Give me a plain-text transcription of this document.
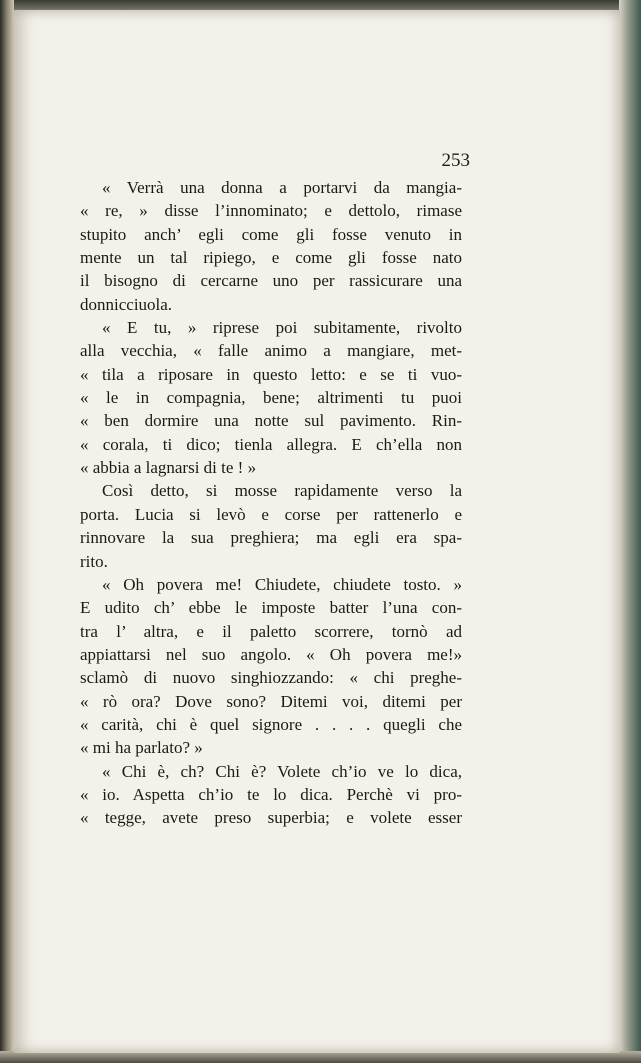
253
« Verrà una donna a portarvi da mangia-
« re, » disse l’innominato; e dettolo, rimase
stupito anch’ egli come gli fosse venuto in
mente un tal ripiego, e come gli fosse nato
il bisogno di cercarne uno per rassicurare una
donnicciuola.
« E tu, » riprese poi subitamente, rivolto
alla vecchia, « falle animo a mangiare, met-
« tila a riposare in questo letto: e se ti vuo-
« le in compagnia, bene; altrimenti tu puoi
« ben dormire una notte sul pavimento. Rin-
« corala, ti dico; tienla allegra. E ch’ella non
« abbia a lagnarsi di te ! »
Così detto, si mosse rapidamente verso la
porta. Lucia si levò e corse per rattenerlo e
rinnovare la sua preghiera; ma egli era spa-
rito.
« Oh povera me! Chiudete, chiudete tosto. »
E udito ch’ ebbe le imposte batter l’una con-
tra l’ altra, e il paletto scorrere, tornò ad
appiattarsi nel suo angolo. « Oh povera me!»
sclamò di nuovo singhiozzando: « chi preghe-
« rò ora? Dove sono? Ditemi voi, ditemi per
« carità, chi è quel signore . . . . quegli che
« mi ha parlato? »
« Chi è, ch? Chi è? Volete ch’io ve lo dica,
« io. Aspetta ch’io te lo dica. Perchè vi pro-
« tegge, avete preso superbia; e volete esser
